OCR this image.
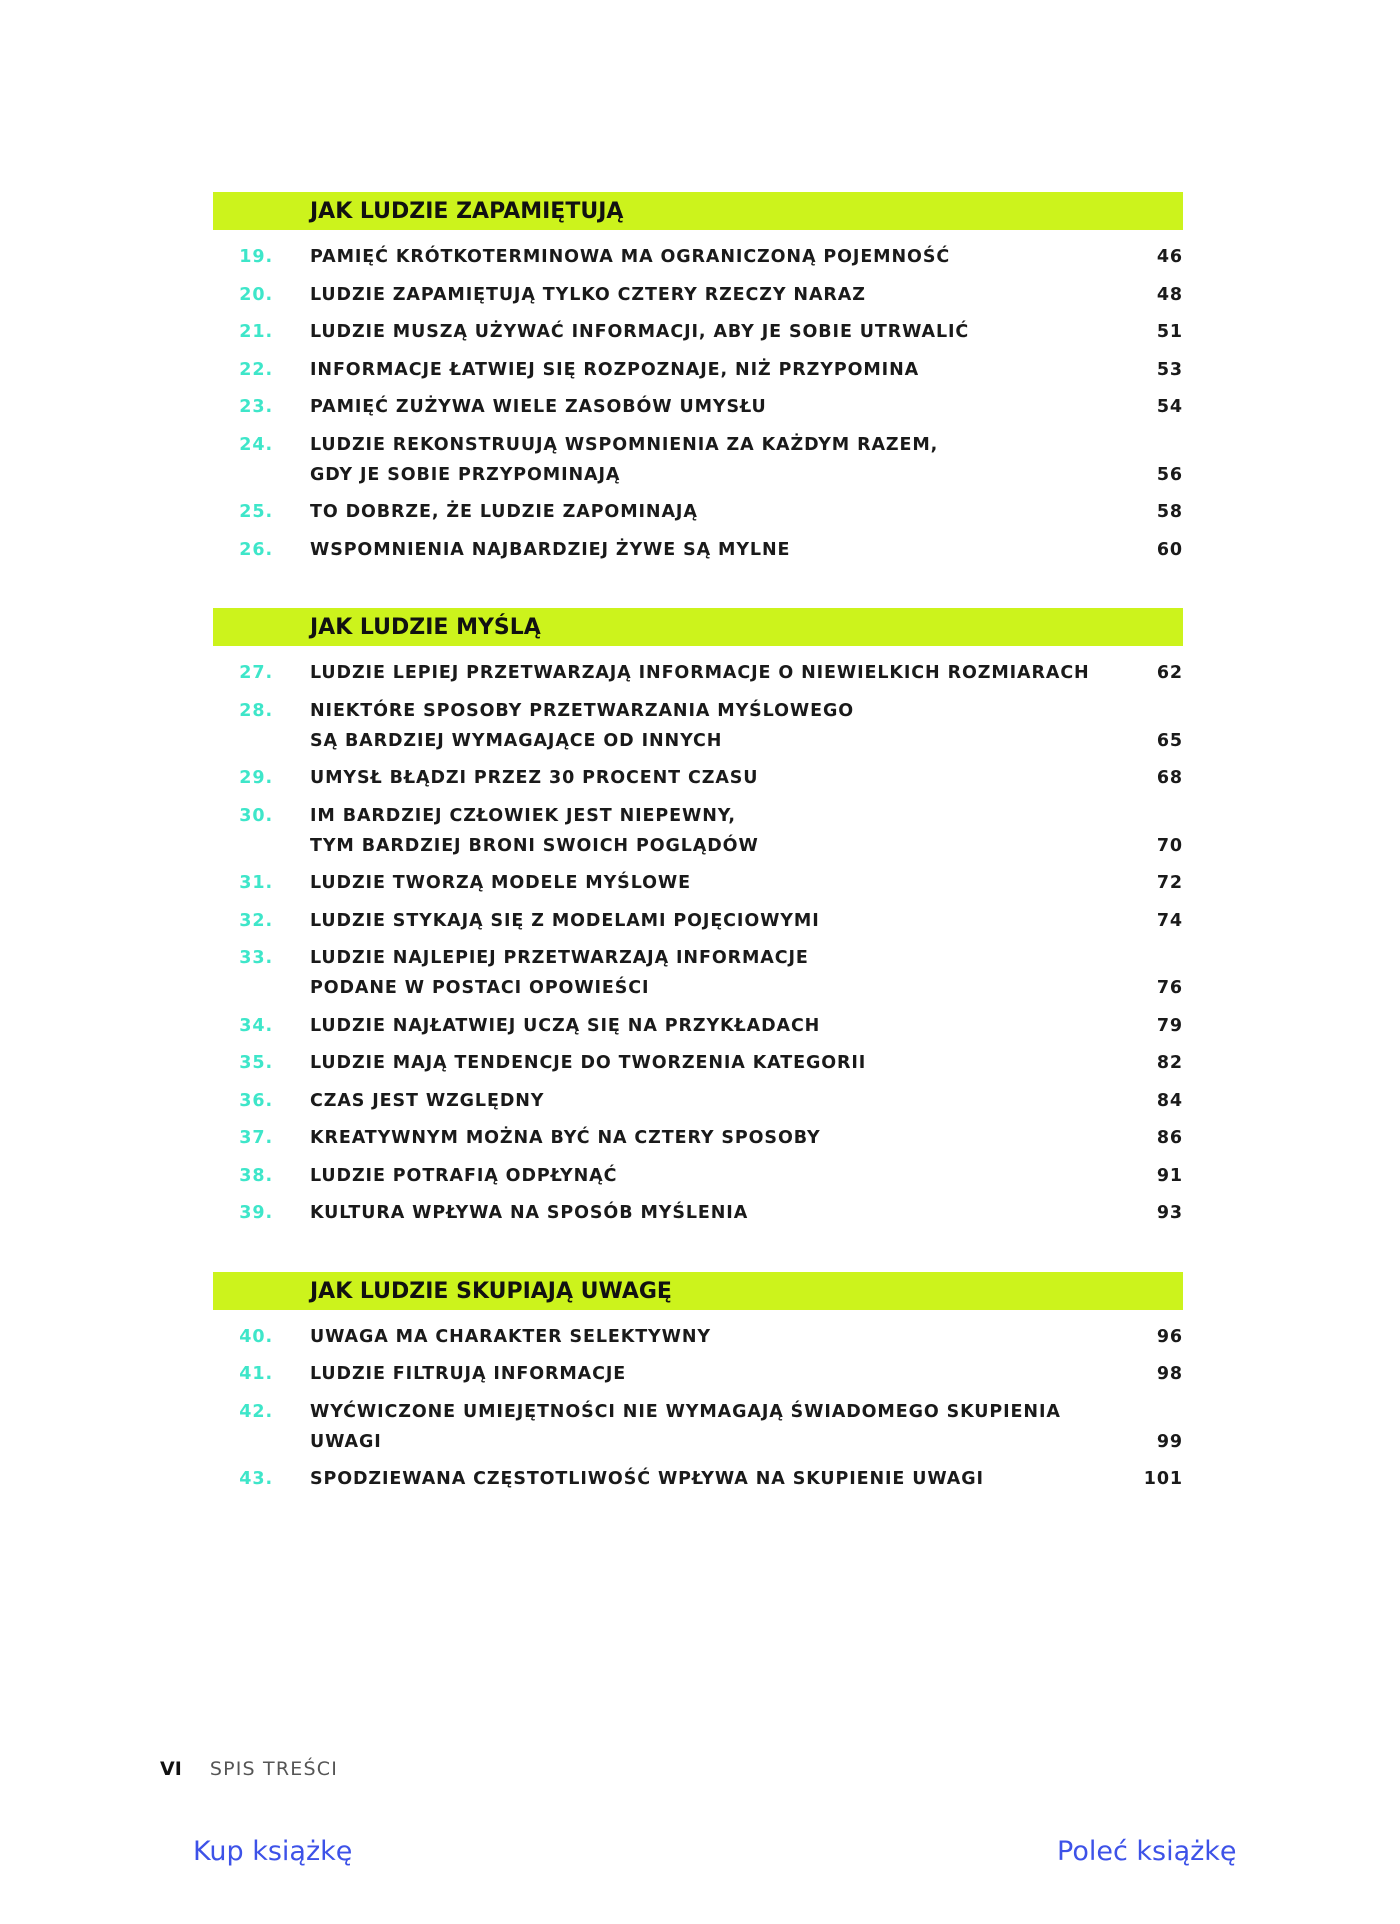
JAK LUDZIE ZAPAMIĘTUJĄ
19. PAMIĘĆ KRÓTKOTERMINOWA MA OGRANICZONĄ POJEMNOŚĆ	46
20. LUDZIE ZAPAMIĘTUJĄ TYLKO CZTERY RZECZY NARAZ	48
21. LUDZIE MUSZĄ UŻYWAĆ INFORMACJI, ABY JE SOBIE UTRWALIĆ	51
22. INFORMACJE ŁATWIEJ SIĘ ROZPOZNAJE, NIŻ PRZYPOMINA	53
23. PAMIĘĆ ZUŻYWA WIELE ZASOBÓW UMYSŁU	54
24. LUDZIE REKONSTRUUJĄ WSPOMNIENIA ZA KAŻDYM RAZEM,
GDY JE SOBIE PRZYPOMINAJĄ	56
25. TO DOBRZE, ŻE LUDZIE ZAPOMINAJĄ	58
26. WSPOMNIENIA NAJBARDZIEJ ŻYWE SĄ MYLNE	60
JAK LUDZIE MYŚLĄ
27. LUDZIE LEPIEJ PRZETWARZAJĄ INFORMACJE O NIEWIELKICH ROZMIARACH	62
28. NIEKTÓRE SPOSOBY PRZETWARZANIA MYŚLOWEGO
SĄ BARDZIEJ WYMAGAJĄCE OD INNYCH	65
29. UMYSŁ BŁĄDZI PRZEZ 30 PROCENT CZASU	68
30. IM BARDZIEJ CZŁOWIEK JEST NIEPEWNY,
TYM BARDZIEJ BRONI SWOICH POGLĄDÓW	70
31. LUDZIE TWORZĄ MODELE MYŚLOWE	72
32. LUDZIE STYKAJĄ SIĘ Z MODELAMI POJĘCIOWYMI	74
33. LUDZIE NAJLEPIEJ PRZETWARZAJĄ INFORMACJE
PODANE W POSTACI OPOWIEŚCI	76
34. LUDZIE NAJŁATWIEJ UCZĄ SIĘ NA PRZYKŁADACH	79
35. LUDZIE MAJĄ TENDENCJE DO TWORZENIA KATEGORII	82
36. CZAS JEST WZGLĘDNY	84
37. KREATYWNYM MOŻNA BYĆ NA CZTERY SPOSOBY	86
38. LUDZIE POTRAFIĄ ODPŁYNĄĆ	91
39. KULTURA WPŁYWA NA SPOSÓB MYŚLENIA	93
JAK LUDZIE SKUPIAJĄ UWAGĘ
40. UWAGA MA CHARAKTER SELEKTYWNY	96
41. LUDZIE FILTRUJĄ INFORMACJE	98
42. WYĆWICZONE UMIEJĘTNOŚCI NIE WYMAGAJĄ ŚWIADOMEGO SKUPIENIA UWAGI	99
43. SPODZIEWANA CZĘSTOTLIWOŚĆ WPŁYWA NA SKUPIENIE UWAGI	101
VI SPIS TREŚCI
Kup książkę	Poleć książkę
